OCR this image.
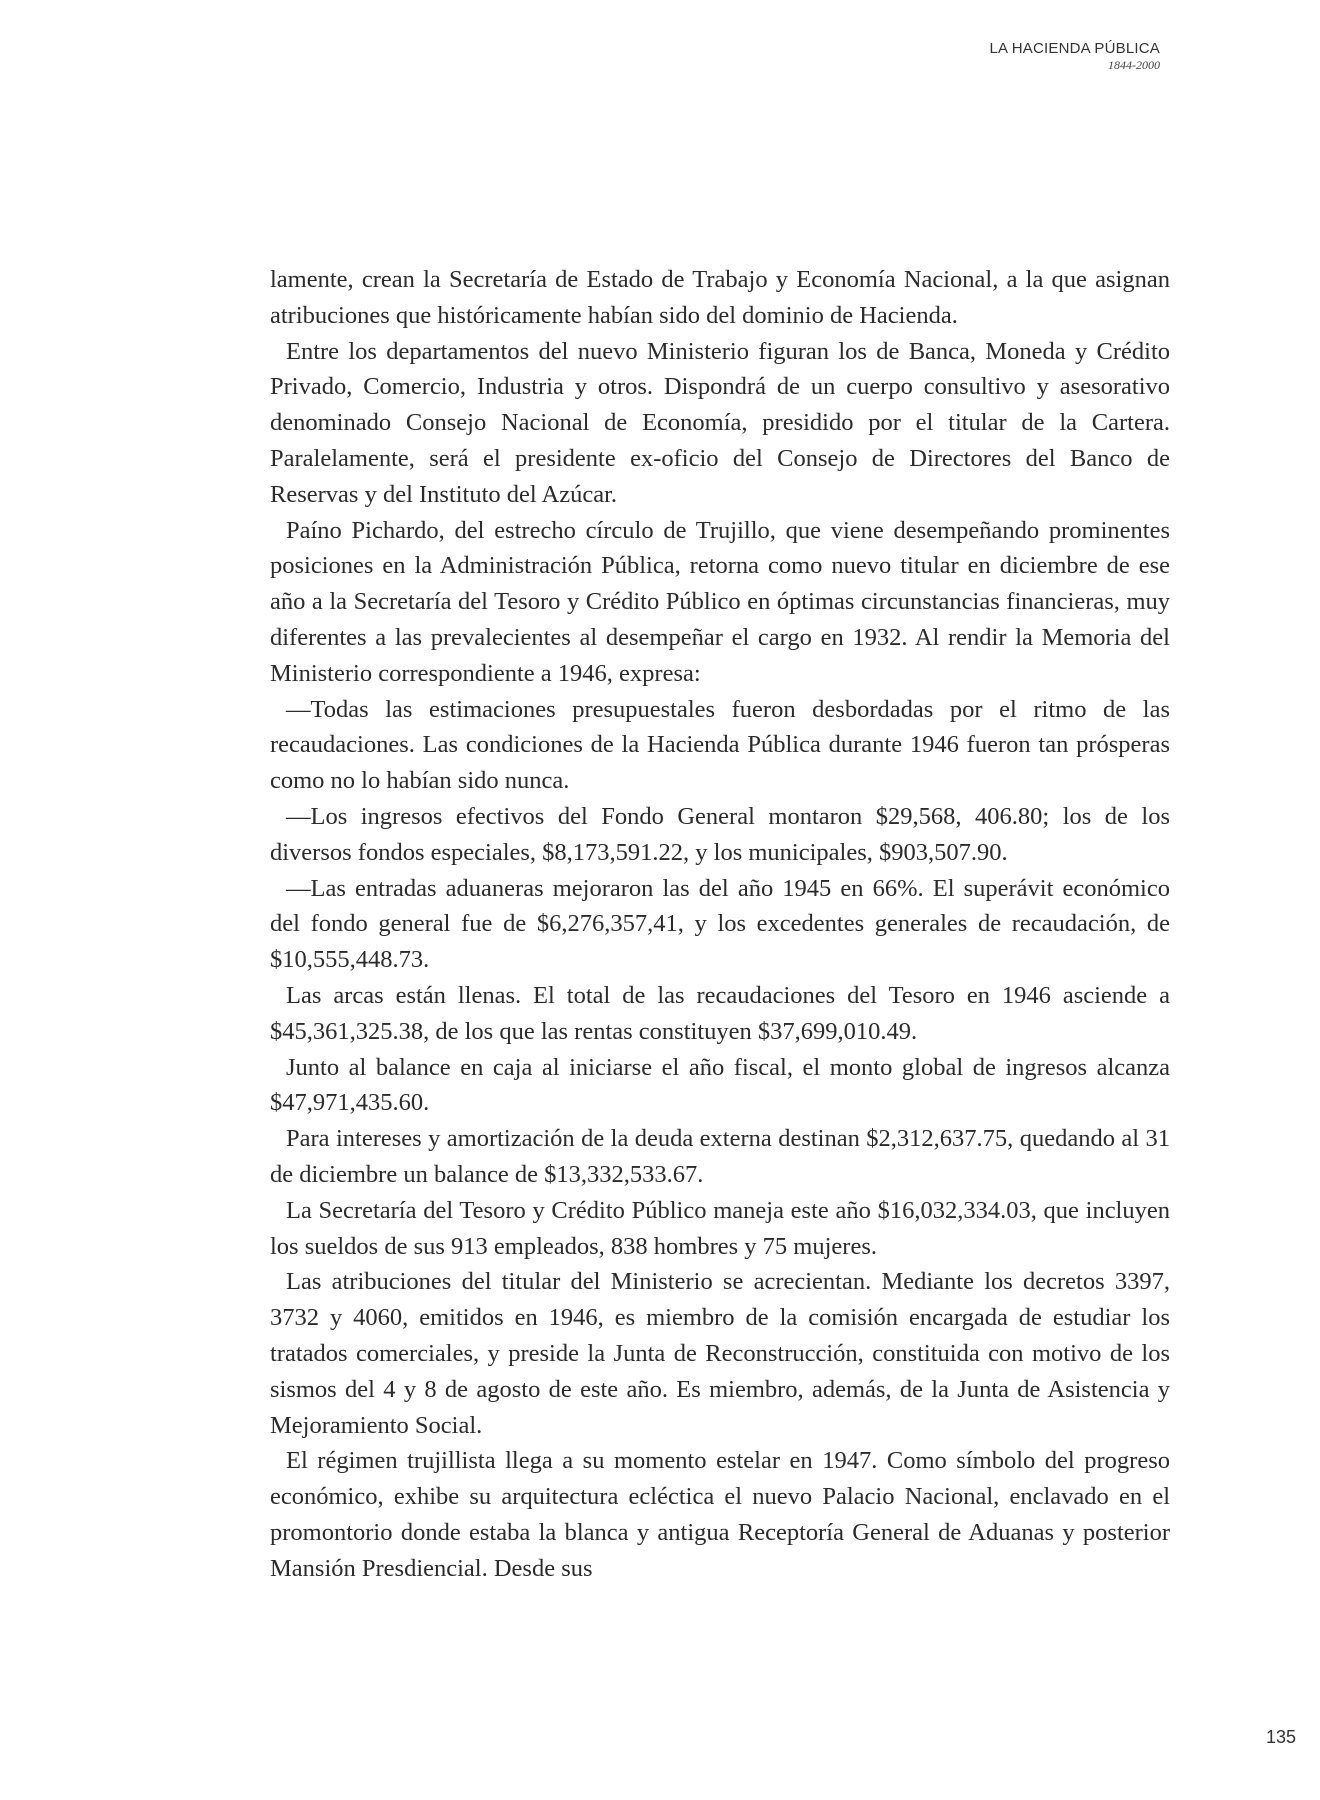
LA HACIENDA PÚBLICA
1844-2000

lamente, crean la Secretaría de Estado de Trabajo y Economía Nacional, a la que asignan atribuciones que históricamente habían sido del dominio de Hacienda.

Entre los departamentos del nuevo Ministerio figuran los de Banca, Moneda y Crédito Privado, Comercio, Industria y otros. Dispondrá de un cuerpo consultivo y asesorativo denominado Consejo Nacional de Economía, presidido por el titular de la Cartera. Paralelamente, será el presidente ex-oficio del Consejo de Directores del Banco de Reservas y del Instituto del Azúcar.

Paíno Pichardo, del estrecho círculo de Trujillo, que viene desempeñando prominentes posiciones en la Administración Pública, retorna como nuevo titular en diciembre de ese año a la Secretaría del Tesoro y Crédito Público en óptimas circunstancias financieras, muy diferentes a las prevalecientes al desempeñar el cargo en 1932. Al rendir la Memoria del Ministerio correspondiente a 1946, expresa:

—Todas las estimaciones presupuestales fueron desbordadas por el ritmo de las recaudaciones. Las condiciones de la Hacienda Pública durante 1946 fueron tan prósperas como no lo habían sido nunca.

—Los ingresos efectivos del Fondo General montaron $29,568, 406.80; los de los diversos fondos especiales, $8,173,591.22, y los municipales, $903,507.90.

—Las entradas aduaneras mejoraron las del año 1945 en 66%. El superávit económico del fondo general fue de $6,276,357,41, y los excedentes generales de recaudación, de $10,555,448.73.

Las arcas están llenas. El total de las recaudaciones del Tesoro en 1946 asciende a $45,361,325.38, de los que las rentas constituyen $37,699,010.49.

Junto al balance en caja al iniciarse el año fiscal, el monto global de ingresos alcanza $47,971,435.60.

Para intereses y amortización de la deuda externa destinan $2,312,637.75, quedando al 31 de diciembre un balance de $13,332,533.67.

La Secretaría del Tesoro y Crédito Público maneja este año $16,032,334.03, que incluyen los sueldos de sus 913 empleados, 838 hombres y 75 mujeres.

Las atribuciones del titular del Ministerio se acrecientan. Mediante los decretos 3397, 3732 y 4060, emitidos en 1946, es miembro de la comisión encargada de estudiar los tratados comerciales, y preside la Junta de Reconstrucción, constituida con motivo de los sismos del 4 y 8 de agosto de este año. Es miembro, además, de la Junta de Asistencia y Mejoramiento Social.

El régimen trujillista llega a su momento estelar en 1947. Como símbolo del progreso económico, exhibe su arquitectura ecléctica el nuevo Palacio Nacional, enclavado en el promontorio donde estaba la blanca y antigua Receptoría General de Aduanas y posterior Mansión Presdiencial. Desde sus

135
